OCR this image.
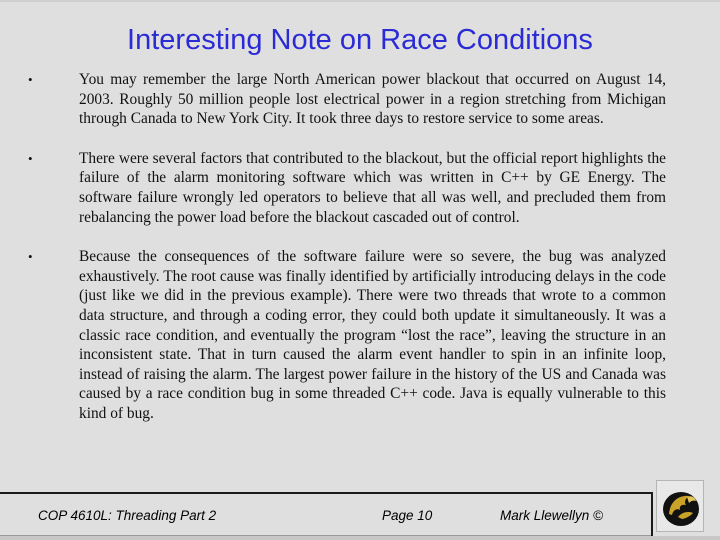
Interesting Note on Race Conditions
•	You may remember the large North American power blackout that occurred on August 14, 2003. Roughly 50 million people lost electrical power in a region stretching from Michigan through Canada to New York City. It took three days to restore service to some areas.
•	There were several factors that contributed to the blackout, but the official report highlights the failure of the alarm monitoring software which was written in C++ by GE Energy. The software failure wrongly led operators to believe that all was well, and precluded them from rebalancing the power load before the blackout cascaded out of control.
•	Because the consequences of the software failure were so severe, the bug was analyzed exhaustively. The root cause was finally identified by artificially introducing delays in the code (just like we did in the previous example). There were two threads that wrote to a common data structure, and through a coding error, they could both update it simultaneously. It was a classic race condition, and eventually the program “lost the race”, leaving the structure in an inconsistent state. That in turn caused the alarm event handler to spin in an infinite loop, instead of raising the alarm. The largest power failure in the history of the US and Canada was caused by a race condition bug in some threaded C++ code. Java is equally vulnerable to this kind of bug.
COP 4610L: Threading Part 2	Page 10	Mark Llewellyn ©
